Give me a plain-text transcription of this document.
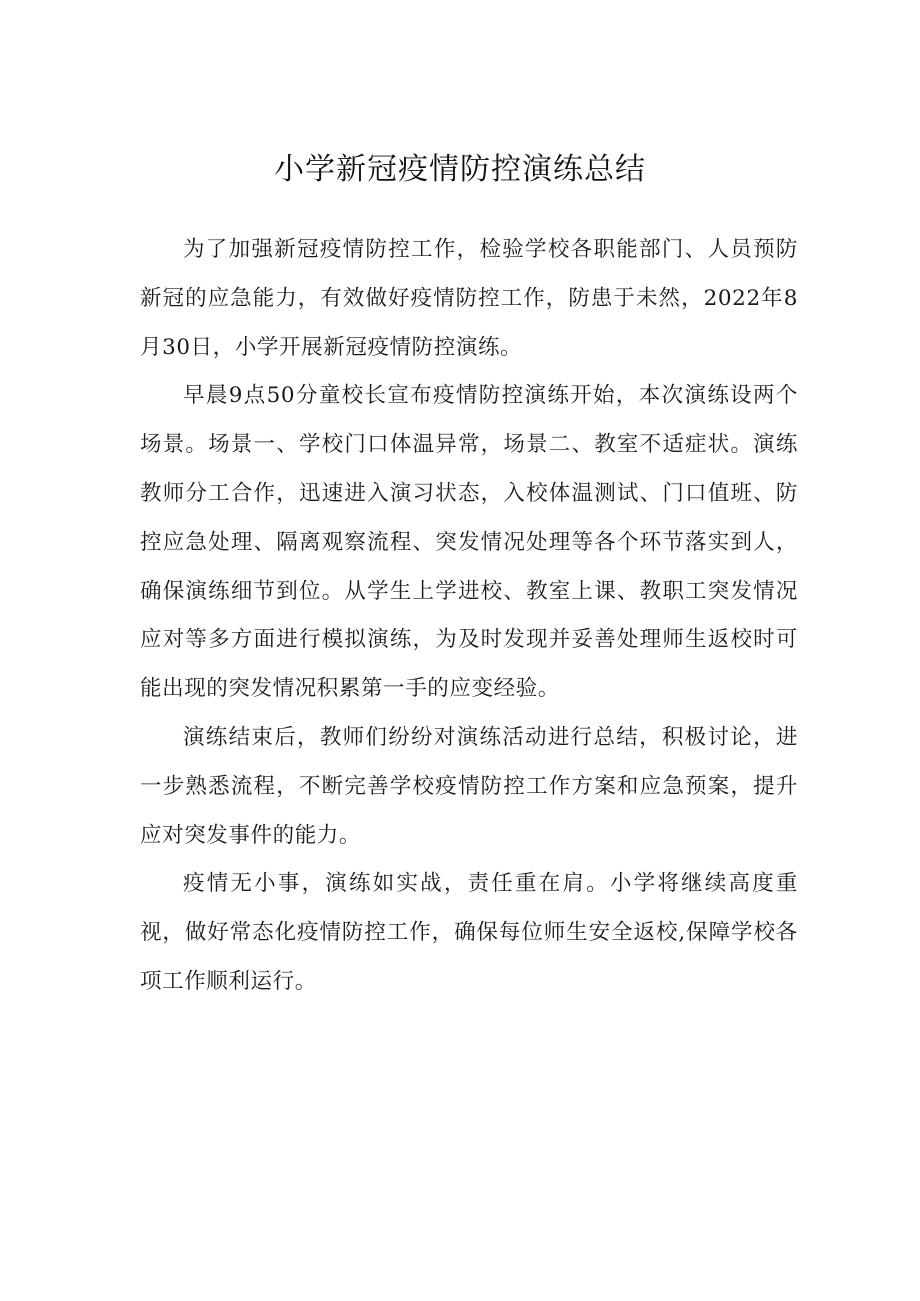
小学新冠疫情防控演练总结

为了加强新冠疫情防控工作，检验学校各职能部门、人员预防新冠的应急能力，有效做好疫情防控工作，防患于未然，2022年8月30日，小学开展新冠疫情防控演练。

早晨9点50分童校长宣布疫情防控演练开始，本次演练设两个场景。场景一、学校门口体温异常，场景二、教室不适症状。演练教师分工合作，迅速进入演习状态，入校体温测试、门口值班、防控应急处理、隔离观察流程、突发情况处理等各个环节落实到人，确保演练细节到位。从学生上学进校、教室上课、教职工突发情况应对等多方面进行模拟演练，为及时发现并妥善处理师生返校时可能出现的突发情况积累第一手的应变经验。

演练结束后，教师们纷纷对演练活动进行总结，积极讨论，进一步熟悉流程，不断完善学校疫情防控工作方案和应急预案，提升应对突发事件的能力。

疫情无小事，演练如实战，责任重在肩。小学将继续高度重视，做好常态化疫情防控工作，确保每位师生安全返校,保障学校各项工作顺利运行。
